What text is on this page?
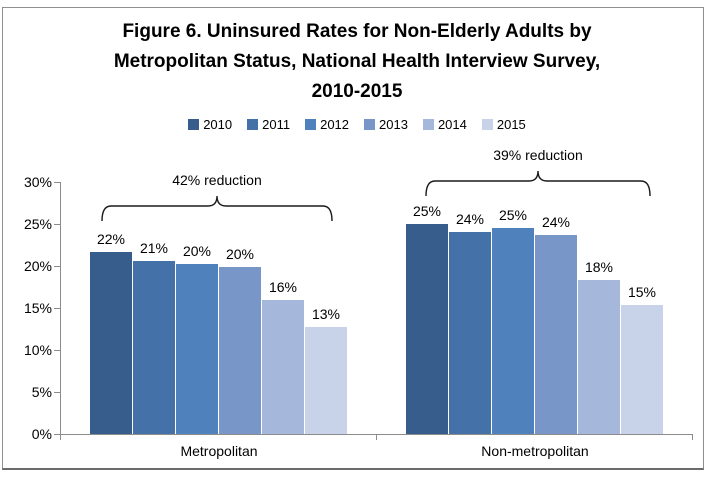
Figure 6. Uninsured Rates for Non-Elderly Adults by
Metropolitan Status, National Health Interview Survey,
2010-2015
2010 2011 2012 2013 2014 2015
0%
5%
10%
15%
20%
25%
30%
22%
21%	20%	20%
16%
13%
Metropolitan
25%	24%	25%	24%
18%
15%
Non-metropolitan
42% reduction
39% reduction
